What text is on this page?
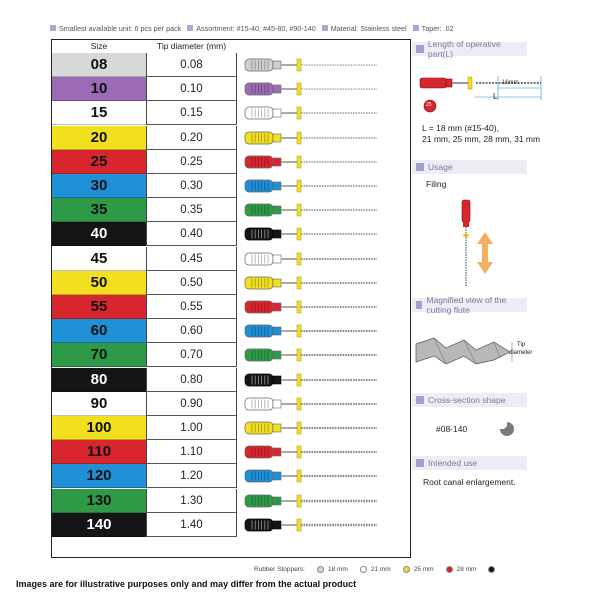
Smallest available unit: 6 pcs per pack Assortment: #15-40, #45-80, #90-140 Material: Stainless steel Taper: .02
Size	Tip diameter (mm)
08	0.08
10	0.10
15	0.15
20	0.20
25	0.25
30	0.30
35	0.35
40	0.40
45	0.45
50	0.50
55	0.55
60	0.60
70	0.70
80	0.80
90	0.90
100	1.00
110	1.10
120	1.20
130	1.30
140	1.40
Rubber Stoppers:	18 mm	21 mm	25 mm	28 mm
Length of operative part(L)
16mm
L
25
L = 18 mm (#15-40),
21 mm, 25 mm, 28 mm, 31 mm
Usage
Filing
Magnified view of the cutting flute
Tip
diameter
Cross-section shape
#08-140
Intended use
Root canal enlargement.
Images are for illustrative purposes only and may differ from the actual product
